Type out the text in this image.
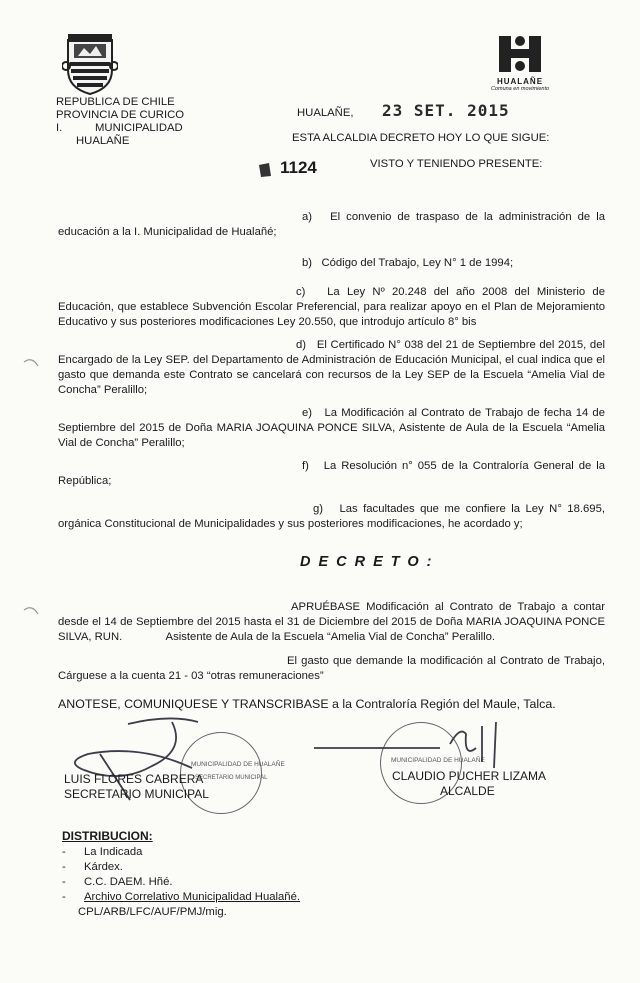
HUALAÑE
Comuna en movimiento
REPUBLICA DE CHILE
PROVINCIA DE CURICO
I.	MUNICIPALIDAD
HUALAÑE
HUALAÑE, 23 SET. 2015
ESTA ALCALDIA DECRETO HOY LO QUE SIGUE:
1124	VISTO Y TENIENDO PRESENTE:
a)   El convenio de traspaso de la administración de la educación a la I. Municipalidad de Hualañé;
b)   Código del Trabajo, Ley N° 1 de 1994;
c)   La Ley Nº 20.248 del año 2008 del Ministerio de Educación, que establece Subvención Escolar Preferencial, para realizar apoyo en el Plan de Mejoramiento Educativo y sus posteriores modificaciones Ley 20.550, que introdujo artículo 8° bis
d)   El Certificado N° 038 del 21 de Septiembre del 2015, del Encargado de la Ley SEP. del Departamento de Administración de Educación Municipal, el cual indica que el gasto que demanda este Contrato se cancelará con recursos de la Ley SEP de la Escuela “Amelia Vial de Concha” Peralillo;
e)   La Modificación al Contrato de Trabajo de fecha 14 de Septiembre del 2015 de Doña MARIA JOAQUINA PONCE SILVA, Asistente de Aula de la Escuela “Amelia Vial de Concha” Peralillo;
f)   La Resolución n° 055 de la Contraloría General de la República;
g)   Las facultades que me confiere la Ley N° 18.695, orgánica Constitucional de Municipalidades y sus posteriores modificaciones, he acordado y;
DECRETO:
APRUÉBASE Modificación al Contrato de Trabajo a contar desde el 14 de Septiembre del 2015 hasta el 31 de Diciembre del 2015 de Doña MARIA JOAQUINA PONCE SILVA, RUN.              Asistente de Aula de la Escuela “Amelia Vial de Concha” Peralillo.
El gasto que demande la modificación al Contrato de Trabajo, Cárguese a la cuenta 21 - 03 “otras remuneraciones”
ANOTESE, COMUNIQUESE Y TRANSCRIBASE a la Contraloría Región del Maule, Talca.
MUNICIPALIDAD DE HUALAÑE
SECRETARIO MUNICIPAL
MUNICIPALIDAD DE HUALAÑE
LUIS FLORES CABRERA
SECRETARIO MUNICIPAL
CLAUDIO PUCHER LIZAMA
ALCALDE
DISTRIBUCION:
- La Indicada
- Kárdex.
- C.C. DAEM. Hñé.
- Archivo Correlativo Municipalidad Hualañé.
CPL/ARB/LFC/AUF/PMJ/mig.
